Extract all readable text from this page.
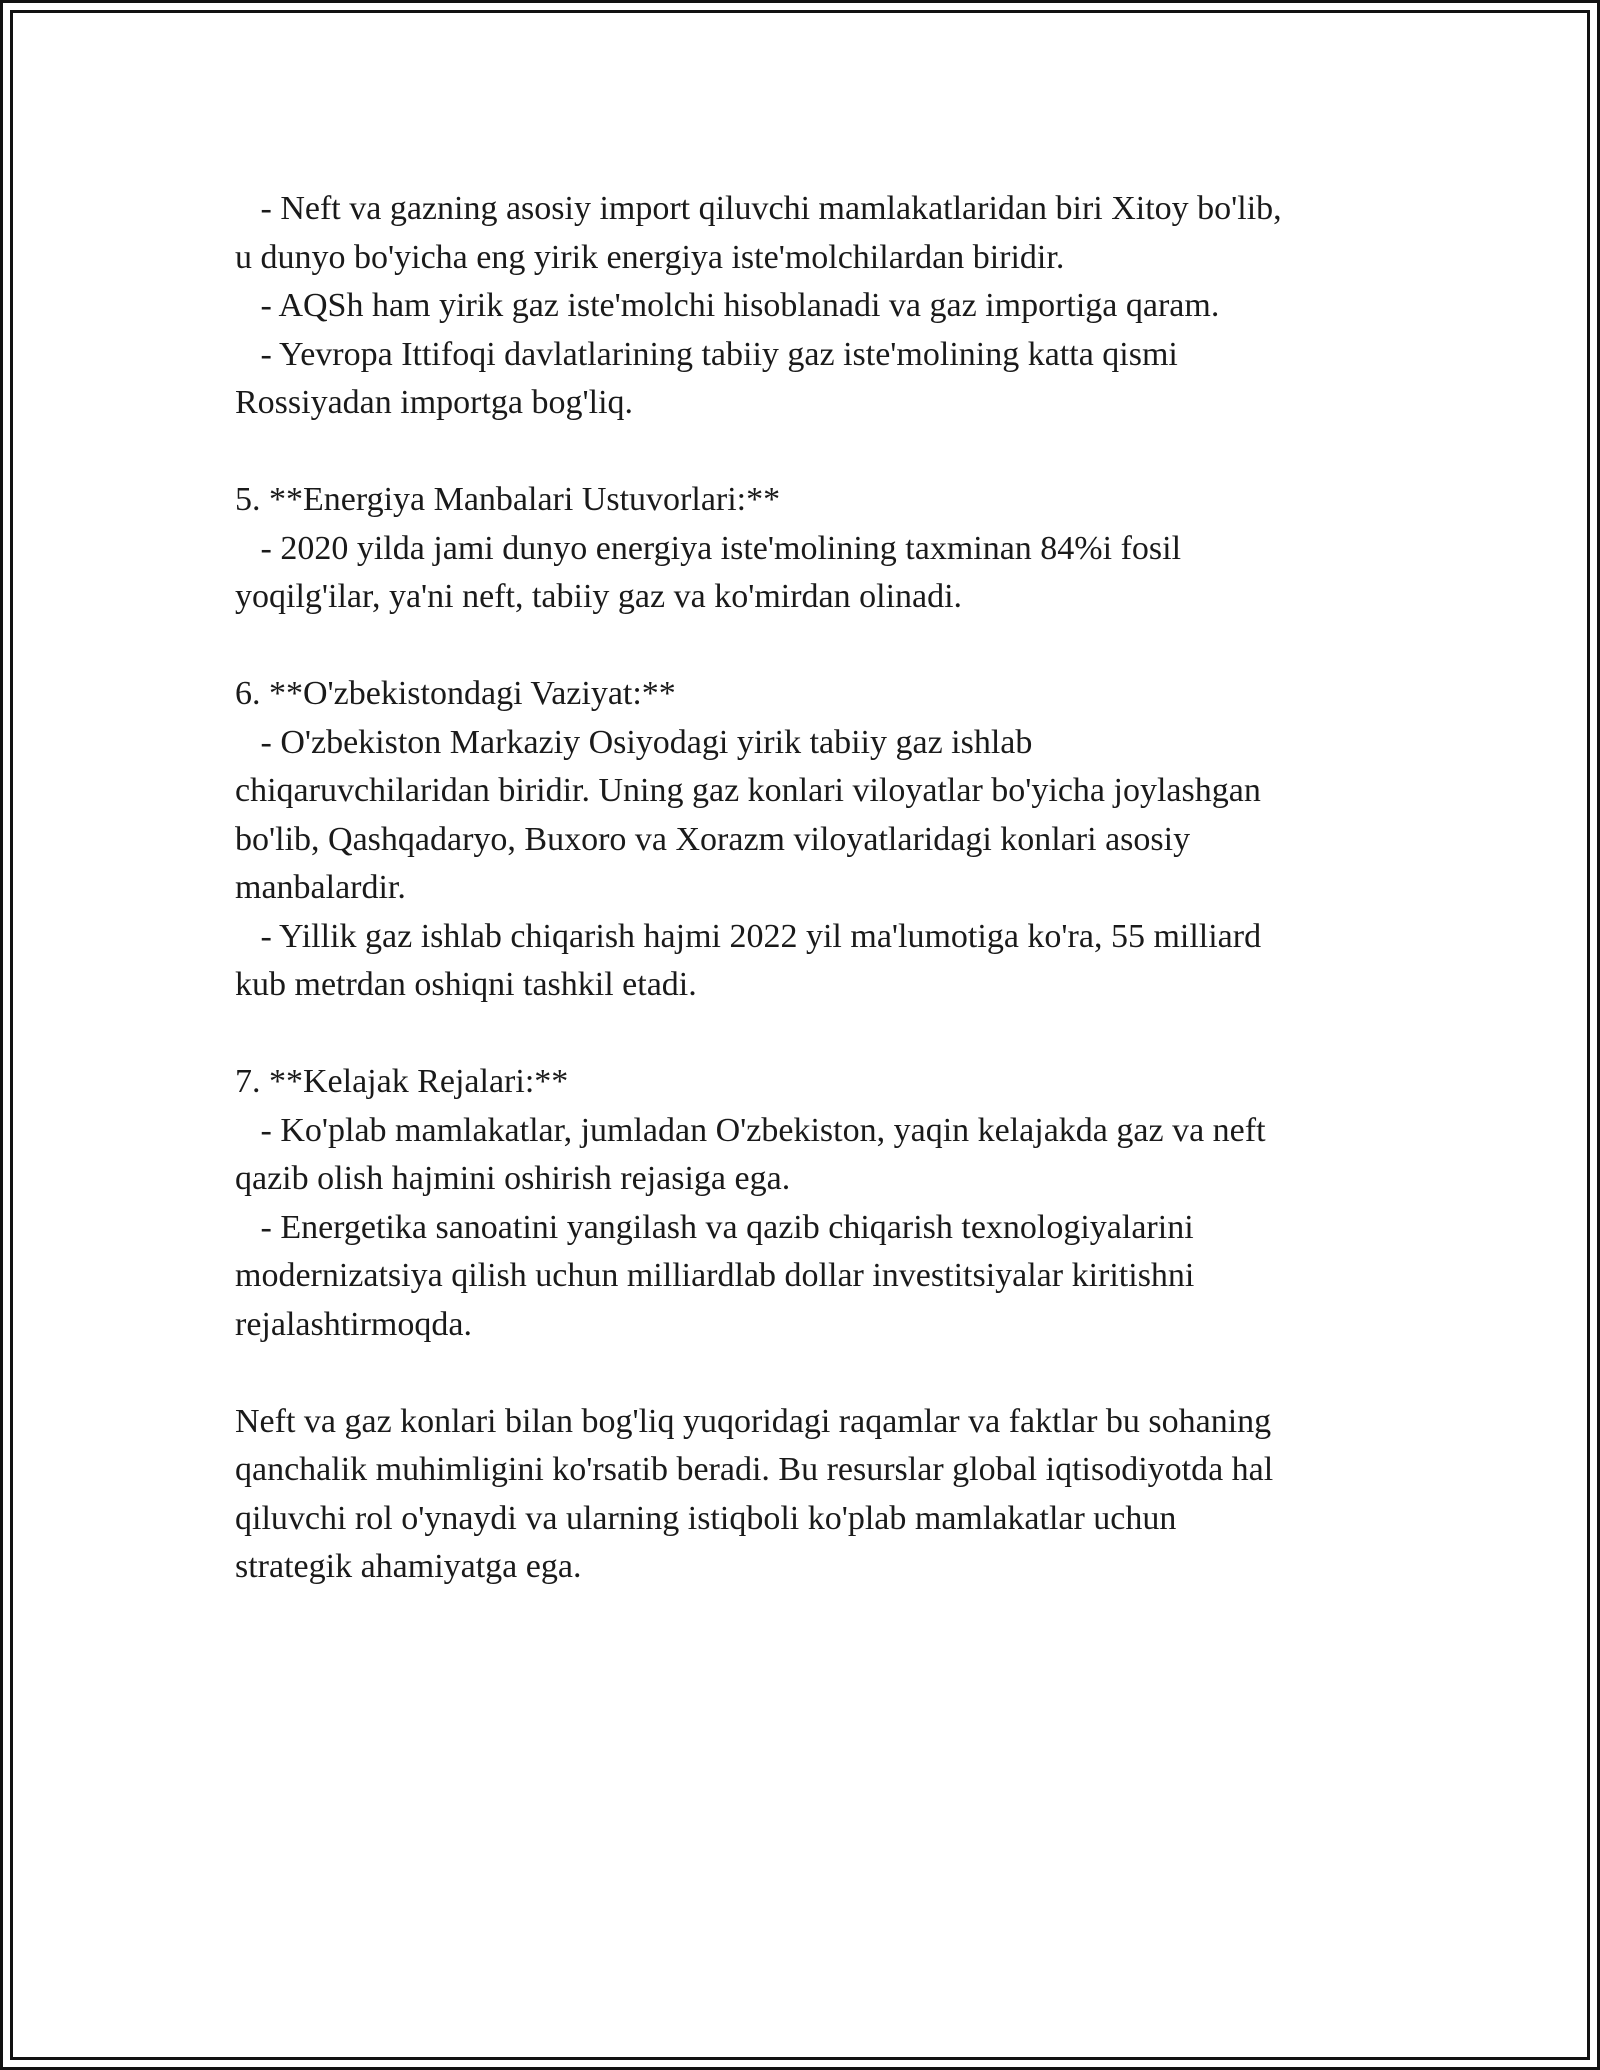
- Neft va gazning asosiy import qiluvchi mamlakatlaridan biri Xitoy bo'lib,
u dunyo bo'yicha eng yirik energiya iste'molchilardan biridir.
- AQSh ham yirik gaz iste'molchi hisoblanadi va gaz importiga qaram.
- Yevropa Ittifoqi davlatlarining tabiiy gaz iste'molining katta qismi
Rossiyadan importga bog'liq.
5. **Energiya Manbalari Ustuvorlari:**
- 2020 yilda jami dunyo energiya iste'molining taxminan 84%i fosil
yoqilg'ilar, ya'ni neft, tabiiy gaz va ko'mirdan olinadi.
6. **O'zbekistondagi Vaziyat:**
- O'zbekiston Markaziy Osiyodagi yirik tabiiy gaz ishlab
chiqaruvchilaridan biridir. Uning gaz konlari viloyatlar bo'yicha joylashgan
bo'lib, Qashqadaryo, Buxoro va Xorazm viloyatlaridagi konlari asosiy
manbalardir.
- Yillik gaz ishlab chiqarish hajmi 2022 yil ma'lumotiga ko'ra, 55 milliard
kub metrdan oshiqni tashkil etadi.
7. **Kelajak Rejalari:**
- Ko'plab mamlakatlar, jumladan O'zbekiston, yaqin kelajakda gaz va neft
qazib olish hajmini oshirish rejasiga ega.
- Energetika sanoatini yangilash va qazib chiqarish texnologiyalarini
modernizatsiya qilish uchun milliardlab dollar investitsiyalar kiritishni
rejalashtirmoqda.
Neft va gaz konlari bilan bog'liq yuqoridagi raqamlar va faktlar bu sohaning
qanchalik muhimligini ko'rsatib beradi. Bu resurslar global iqtisodiyotda hal
qiluvchi rol o'ynaydi va ularning istiqboli ko'plab mamlakatlar uchun
strategik ahamiyatga ega.
